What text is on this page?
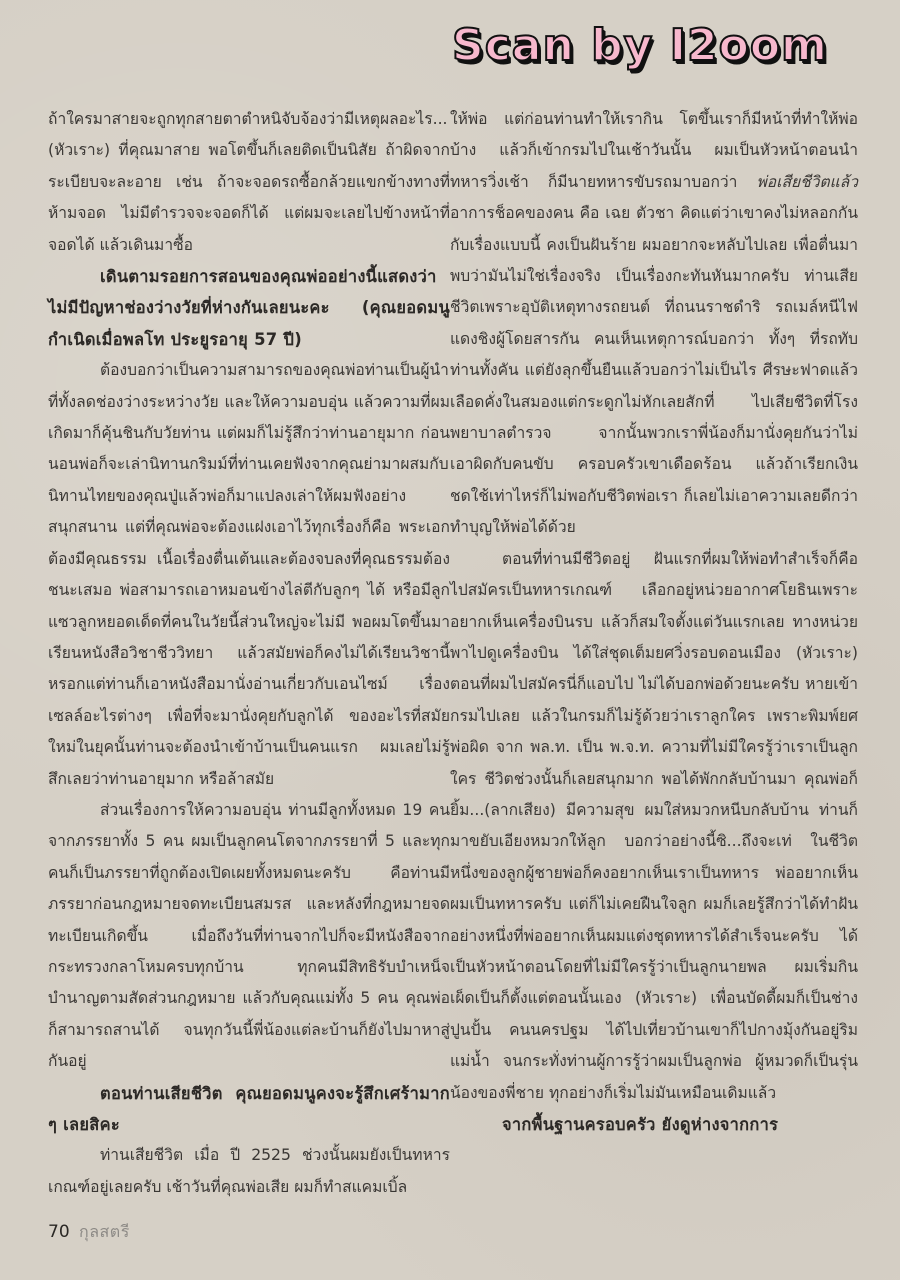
Scan by I2oom

ถ้าใครมาสายจะถูกทุกสายตาตำหนิจับจ้องว่ามีเหตุผลอะไร... (หัวเราะ) ที่คุณมาสาย พอโตขึ้นก็เลยติดเป็นนิสัย ถ้าผิดจากระเบียบจะละอาย เช่น ถ้าจะจอดรถซื้อกล้วยแขกข้างทางที่ห้ามจอด ไม่มีตำรวจจะจอดก็ได้ แต่ผมจะเลยไปข้างหน้าที่จอดได้ แล้วเดินมาซื้อ

เดินตามรอยการสอนของคุณพ่ออย่างนี้แสดงว่าไม่มีปัญหาช่องว่างวัยที่ห่างกันเลยนะคะ (คุณยอดมนูกำเนิดเมื่อพลโท ประยูรอายุ 57 ปี)

ต้องบอกว่าเป็นความสามารถของคุณพ่อท่านเป็นผู้นำที่ทั้งลดช่องว่างระหว่างวัย และให้ความอบอุ่น แล้วความที่ผมเกิดมาก็คุ้นชินกับวัยท่าน แต่ผมก็ไม่รู้สึกว่าท่านอายุมาก ก่อนนอนพ่อก็จะเล่านิทานกริมม์ที่ท่านเคยฟังจากคุณย่ามาผสมกับนิทานไทยของคุณปู่แล้วพ่อก็มาแปลงเล่าให้ผมฟังอย่างสนุกสนาน แต่ที่คุณพ่อจะต้องแฝงเอาไว้ทุกเรื่องก็คือ พระเอกต้องมีคุณธรรม เนื้อเรื่องตื่นเต้นและต้องจบลงที่คุณธรรมต้องชนะเสมอ พ่อสามารถเอาหมอนข้างไล่ตีกับลูกๆ ได้ หรือมีลูกแซวลูกหยอดเด็ดที่คนในวัยนี้ส่วนใหญ่จะไม่มี พอผมโตขึ้นมาเรียนหนังสือวิชาชีววิทยา แล้วสมัยพ่อก็คงไม่ได้เรียนวิชานี้หรอกแต่ท่านก็เอาหนังสือมานั่งอ่านเกี่ยวกับเอนไซม์ เรื่องเซลล์อะไรต่างๆ เพื่อที่จะมานั่งคุยกับลูกได้ ของอะไรที่สมัยใหม่ในยุคนั้นท่านจะต้องนำเข้าบ้านเป็นคนแรก ผมเลยไม่รู้สึกเลยว่าท่านอายุมาก หรือล้าสมัย

ส่วนเรื่องการให้ความอบอุ่น ท่านมีลูกทั้งหมด 19 คน จากภรรยาทั้ง 5 คน ผมเป็นลูกคนโตจากภรรยาที่ 5 และทุกคนก็เป็นภรรยาที่ถูกต้องเปิดเผยทั้งหมดนะครับ คือท่านมีภรรยาก่อนกฎหมายจดทะเบียนสมรส และหลังที่กฎหมายจดทะเบียนเกิดขึ้น เมื่อถึงวันที่ท่านจากไปก็จะมีหนังสือจากกระทรวงกลาโหมครบทุกบ้าน ทุกคนมีสิทธิรับบำเหน็จบำนาญตามสัดส่วนกฎหมาย แล้วกับคุณแม่ทั้ง 5 คน คุณพ่อก็สามารถสานได้ จนทุกวันนี้พี่น้องแต่ละบ้านก็ยังไปมาหาสู่กันอยู่

ตอนท่านเสียชีวิต คุณยอดมนูคงจะรู้สึกเศร้ามาก ๆ เลยสิคะ

ท่านเสียชีวิต เมื่อ ปี 2525 ช่วงนั้นผมยังเป็นทหารเกณฑ์อยู่เลยครับ เช้าวันที่คุณพ่อเสีย ผมก็ทำสแคมเบิ้ล

ให้พ่อ แต่ก่อนท่านทำให้เรากิน โตขึ้นเราก็มีหน้าที่ทำให้พ่อบ้าง แล้วก็เข้ากรมไปในเช้าวันนั้น ผมเป็นหัวหน้าตอนนำทหารวิ่งเช้า ก็มีนายทหารขับรถมาบอกว่า พ่อเสียชีวิตแล้ว อาการช็อคของคน คือ เฉย ตัวชา คิดแต่ว่าเขาคงไม่หลอกกันกับเรื่องแบบนี้ คงเป็นฝันร้าย ผมอยากจะหลับไปเลย เพื่อตื่นมาพบว่ามันไม่ใช่เรื่องจริง เป็นเรื่องกะทันหันมากครับ ท่านเสียชีวิตเพราะอุบัติเหตุทางรถยนต์ ที่ถนนราชดำริ รถเมล์หนีไฟแดงชิงผู้โดยสารกัน คนเห็นเหตุการณ์บอกว่า ทั้งๆ ที่รถทับท่านทั้งคัน แต่ยังลุกขึ้นยืนแล้วบอกว่าไม่เป็นไร ศีรษะฟาดแล้วเลือดคั่งในสมองแต่กระดูกไม่หักเลยสักที่ ไปเสียชีวิตที่โรงพยาบาลตำรวจ จากนั้นพวกเราพี่น้องก็มานั่งคุยกันว่าไม่เอาผิดกับคนขับ ครอบครัวเขาเดือดร้อน แล้วถ้าเรียกเงินชดใช้เท่าไหร่ก็ไม่พอกับชีวิตพ่อเรา ก็เลยไม่เอาความเลยดีกว่า ทำบุญให้พ่อได้ด้วย

ตอนที่ท่านมีชีวิตอยู่ ฝันแรกที่ผมให้พ่อทำสำเร็จก็คือ ไปสมัครเป็นทหารเกณฑ์ เลือกอยู่หน่วยอากาศโยธินเพราะอยากเห็นเครื่องบินรบ แล้วก็สมใจตั้งแต่วันแรกเลย ทางหน่วยพาไปดูเครื่องบิน ได้ใส่ชุดเต็มยศวิ่งรอบดอนเมือง (หัวเราะ) ตอนที่ผมไปสมัครนี่ก็แอบไป ไม่ได้บอกพ่อด้วยนะครับ หายเข้ากรมไปเลย แล้วในกรมก็ไม่รู้ด้วยว่าเราลูกใคร เพราะพิมพ์ยศพ่อผิด จาก พล.ท. เป็น พ.จ.ท. ความที่ไม่มีใครรู้ว่าเราเป็นลูกใคร ชีวิตช่วงนั้นก็เลยสนุกมาก พอได้พักกลับบ้านมา คุณพ่อก็ยิ้ม...(ลากเสียง) มีความสุข ผมใส่หมวกหนีบกลับบ้าน ท่านก็มาขยับเอียงหมวกให้ลูก บอกว่าอย่างนี้ซิ...ถึงจะเท่ ในชีวิตหนึ่งของลูกผู้ชายพ่อก็คงอยากเห็นเราเป็นทหาร พ่ออยากเห็นผมเป็นทหารครับ แต่ก็ไม่เคยฝืนใจลูก ผมก็เลยรู้สึกว่าได้ทำฝันอย่างหนึ่งที่พ่ออยากเห็นผมแต่งชุดทหารได้สำเร็จนะครับ ได้เป็นหัวหน้าตอนโดยที่ไม่มีใครรู้ว่าเป็นลูกนายพล ผมเริ่มกินเผ็ดเป็นก็ตั้งแต่ตอนนั้นเอง (หัวเราะ) เพื่อนบัดดี้ผมก็เป็นช่างปูนปั้น คนนครปฐม ได้ไปเที่ยวบ้านเขาก็ไปกางมุ้งกันอยู่ริมแม่น้ำ จนกระทั่งท่านผู้การรู้ว่าผมเป็นลูกพ่อ ผู้หมวดก็เป็นรุ่นน้องของพี่ชาย ทุกอย่างก็เริ่มไม่มันเหมือนเดิมแล้ว

จากพื้นฐานครอบครัว ยังดูห่างจากการ

70 กุลสตรี
